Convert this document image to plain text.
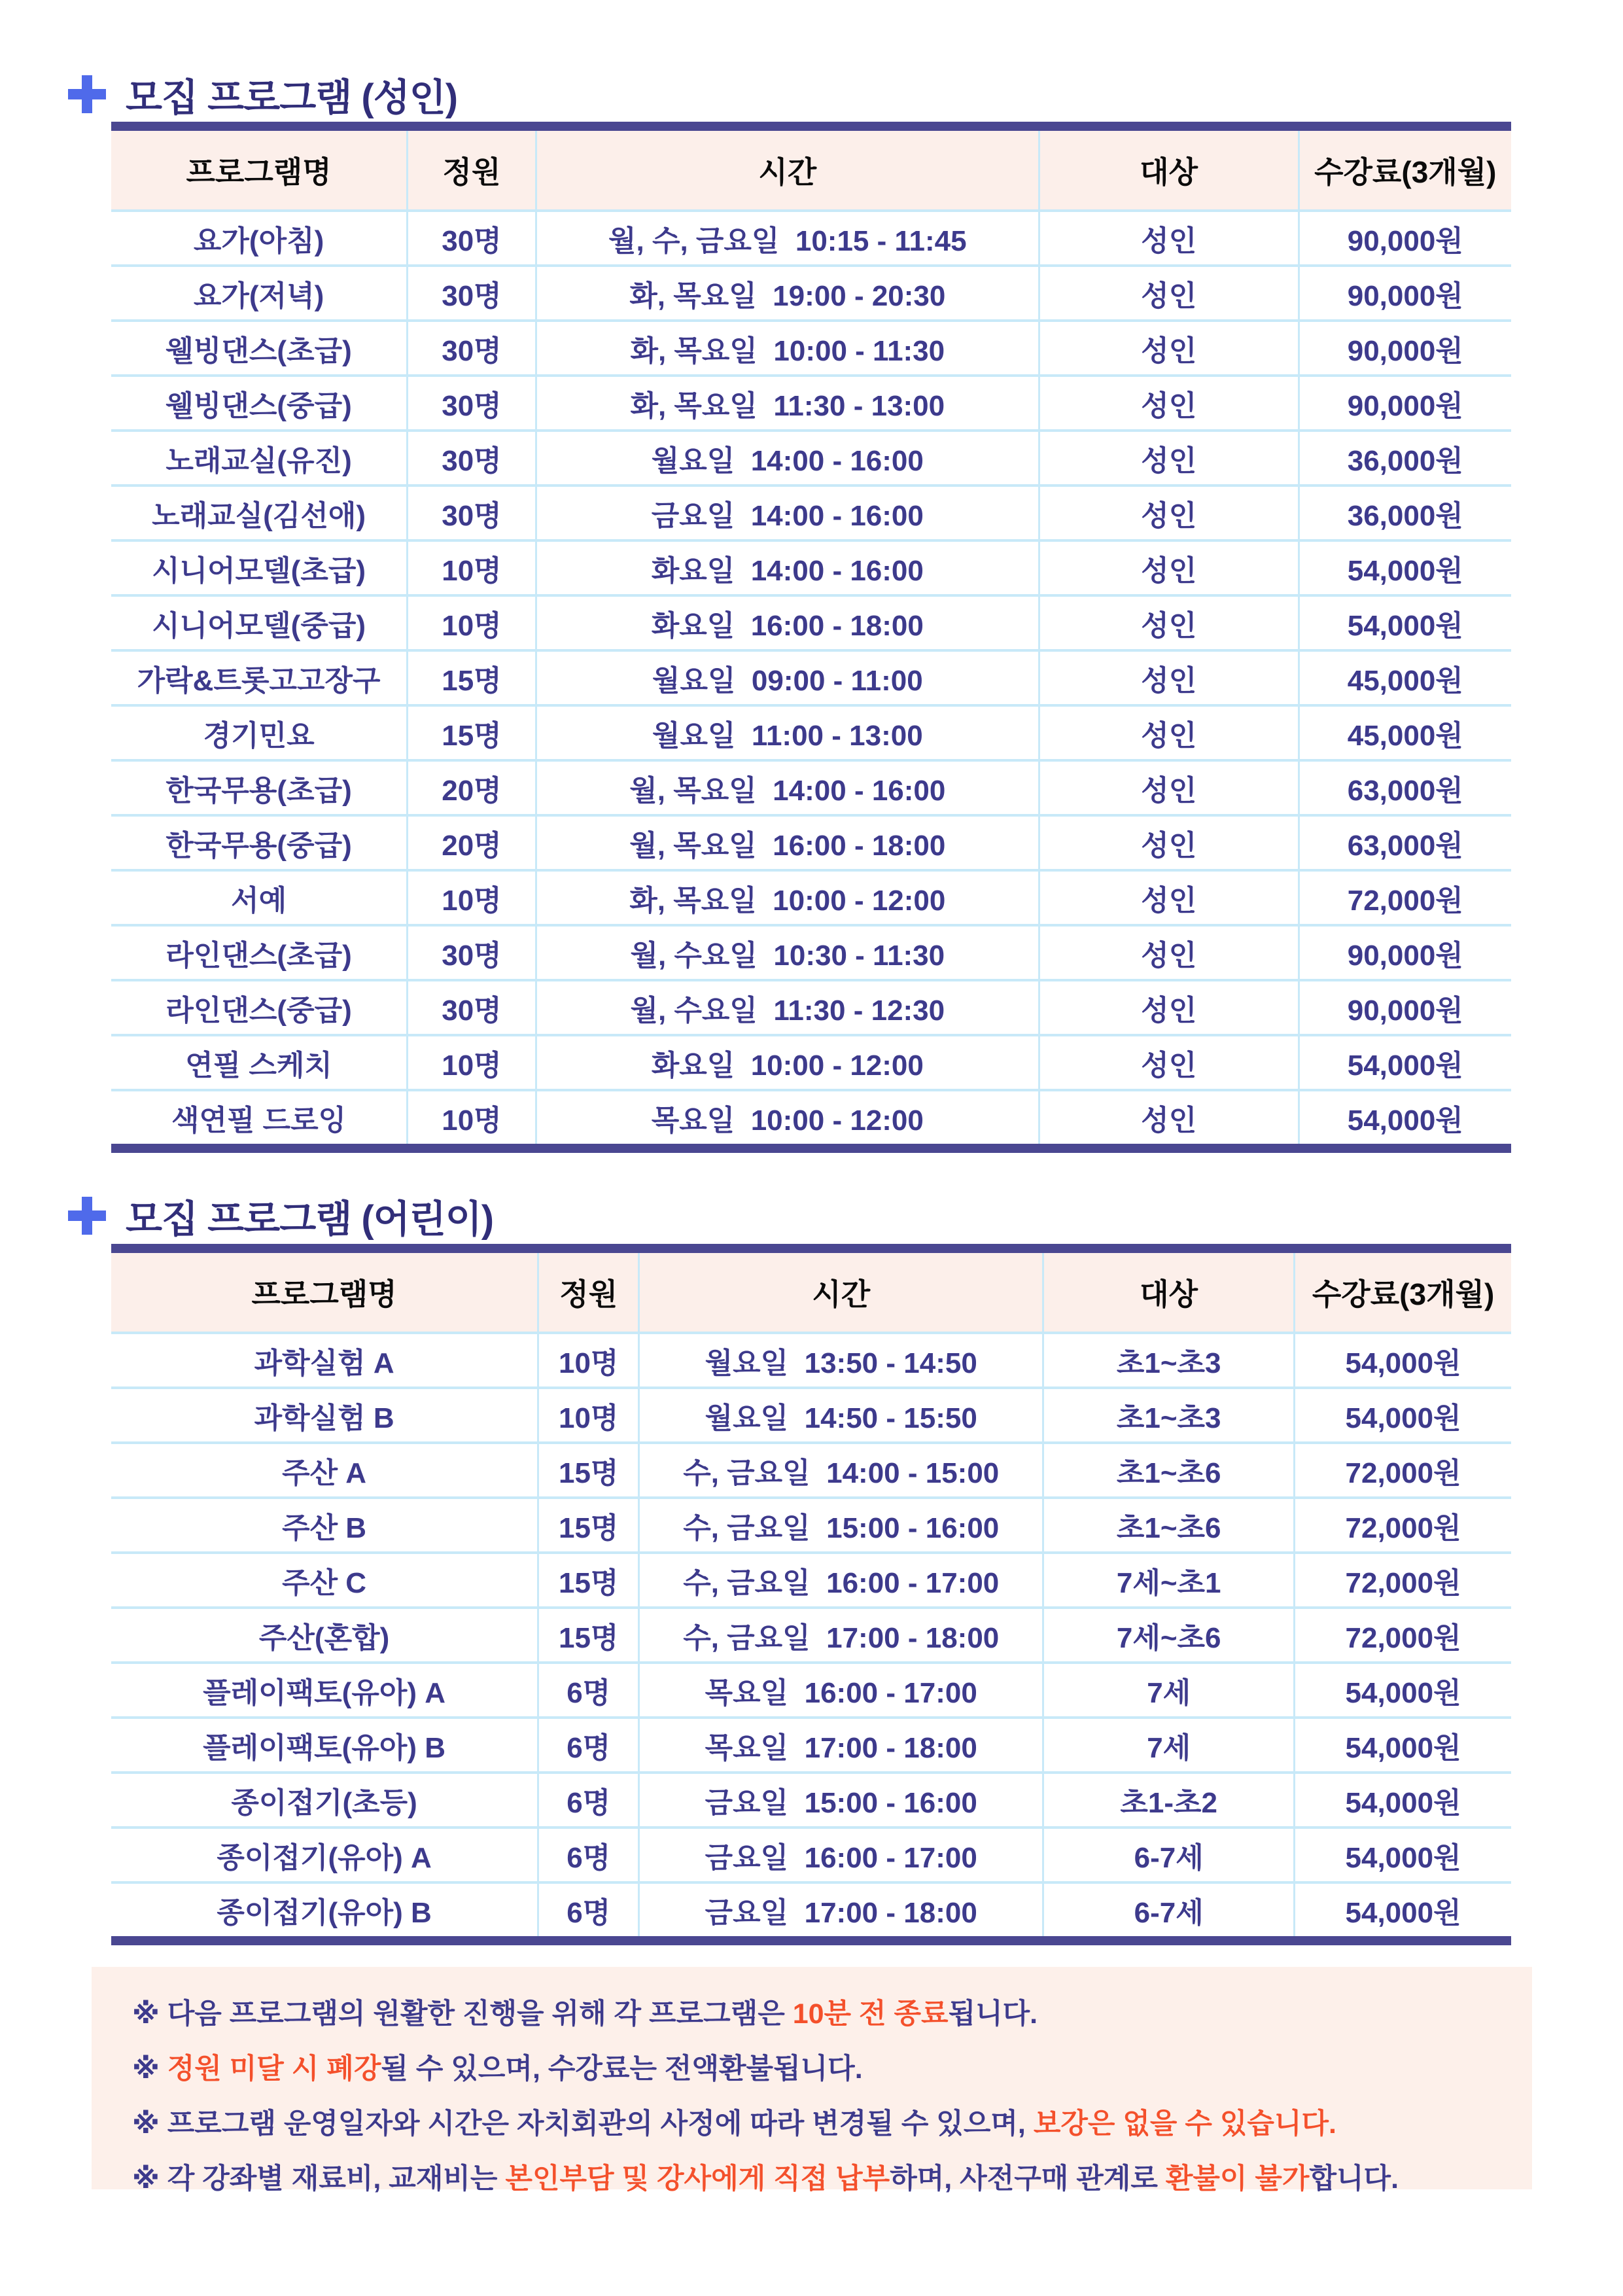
모집 프로그램 (성인)
프로그램명	정원	시간	대상	수강료(3개월)
요가(아침)	30명	월, 수, 금요일  10:15 - 11:45	성인	90,000원
요가(저녁)	30명	화, 목요일  19:00 - 20:30	성인	90,000원
웰빙댄스(초급)	30명	화, 목요일  10:00 - 11:30	성인	90,000원
웰빙댄스(중급)	30명	화, 목요일  11:30 - 13:00	성인	90,000원
노래교실(유진)	30명	월요일  14:00 - 16:00	성인	36,000원
노래교실(김선애)	30명	금요일  14:00 - 16:00	성인	36,000원
시니어모델(초급)	10명	화요일  14:00 - 16:00	성인	54,000원
시니어모델(중급)	10명	화요일  16:00 - 18:00	성인	54,000원
가락&트롯고고장구	15명	월요일  09:00 - 11:00	성인	45,000원
경기민요	15명	월요일  11:00 - 13:00	성인	45,000원
한국무용(초급)	20명	월, 목요일  14:00 - 16:00	성인	63,000원
한국무용(중급)	20명	월, 목요일  16:00 - 18:00	성인	63,000원
서예	10명	화, 목요일  10:00 - 12:00	성인	72,000원
라인댄스(초급)	30명	월, 수요일  10:30 - 11:30	성인	90,000원
라인댄스(중급)	30명	월, 수요일  11:30 - 12:30	성인	90,000원
연필 스케치	10명	화요일  10:00 - 12:00	성인	54,000원
색연필 드로잉	10명	목요일  10:00 - 12:00	성인	54,000원
모집 프로그램 (어린이)
프로그램명	정원	시간	대상	수강료(3개월)
과학실험 A	10명	월요일  13:50 - 14:50	초1~초3	54,000원
과학실험 B	10명	월요일  14:50 - 15:50	초1~초3	54,000원
주산 A	15명	수, 금요일  14:00 - 15:00	초1~초6	72,000원
주산 B	15명	수, 금요일  15:00 - 16:00	초1~초6	72,000원
주산 C	15명	수, 금요일  16:00 - 17:00	7세~초1	72,000원
주산(혼합)	15명	수, 금요일  17:00 - 18:00	7세~초6	72,000원
플레이팩토(유아) A	6명	목요일  16:00 - 17:00	7세	54,000원
플레이팩토(유아) B	6명	목요일  17:00 - 18:00	7세	54,000원
종이접기(초등)	6명	금요일  15:00 - 16:00	초1-초2	54,000원
종이접기(유아) A	6명	금요일  16:00 - 17:00	6-7세	54,000원
종이접기(유아) B	6명	금요일  17:00 - 18:00	6-7세	54,000원
※ 다음 프로그램의 원활한 진행을 위해 각 프로그램은 10분 전 종료됩니다.
※ 정원 미달 시 폐강될 수 있으며, 수강료는 전액환불됩니다.
※ 프로그램 운영일자와 시간은 자치회관의 사정에 따라 변경될 수 있으며, 보강은 없을 수 있습니다.
※ 각 강좌별 재료비, 교재비는 본인부담 및 강사에게 직접 납부하며, 사전구매 관계로 환불이 불가합니다.
